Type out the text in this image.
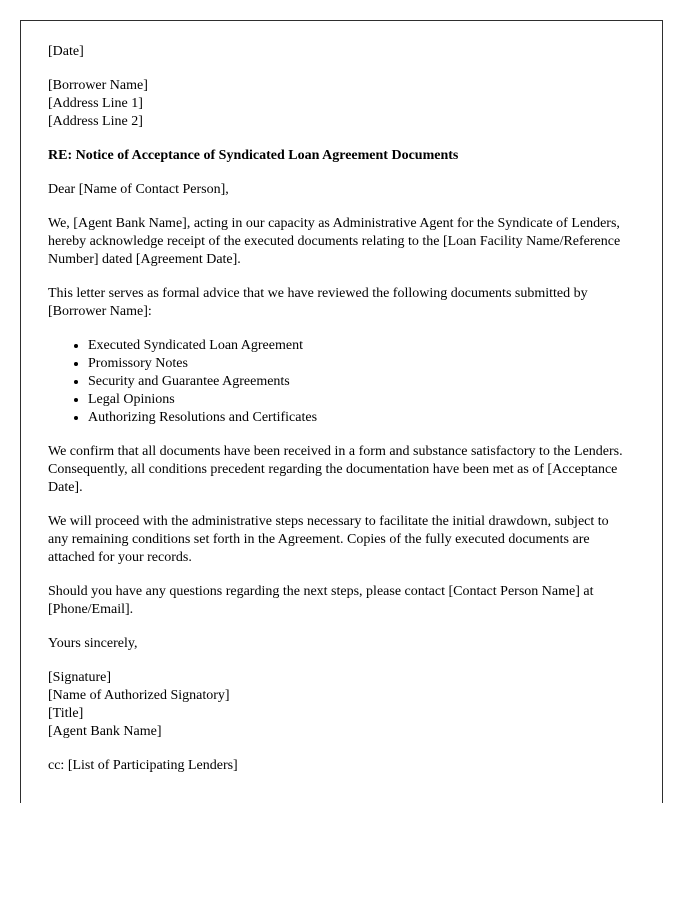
[Date]

[Borrower Name]
[Address Line 1]
[Address Line 2]

RE: Notice of Acceptance of Syndicated Loan Agreement Documents

Dear [Name of Contact Person],

We, [Agent Bank Name], acting in our capacity as Administrative Agent for the Syndicate of Lenders, hereby acknowledge receipt of the executed documents relating to the [Loan Facility Name/Reference Number] dated [Agreement Date].

This letter serves as formal advice that we have reviewed the following documents submitted by [Borrower Name]:

• Executed Syndicated Loan Agreement
• Promissory Notes
• Security and Guarantee Agreements
• Legal Opinions
• Authorizing Resolutions and Certificates

We confirm that all documents have been received in a form and substance satisfactory to the Lenders. Consequently, all conditions precedent regarding the documentation have been met as of [Acceptance Date].

We will proceed with the administrative steps necessary to facilitate the initial drawdown, subject to any remaining conditions set forth in the Agreement. Copies of the fully executed documents are attached for your records.

Should you have any questions regarding the next steps, please contact [Contact Person Name] at [Phone/Email].

Yours sincerely,

[Signature]
[Name of Authorized Signatory]
[Title]
[Agent Bank Name]

cc: [List of Participating Lenders]
